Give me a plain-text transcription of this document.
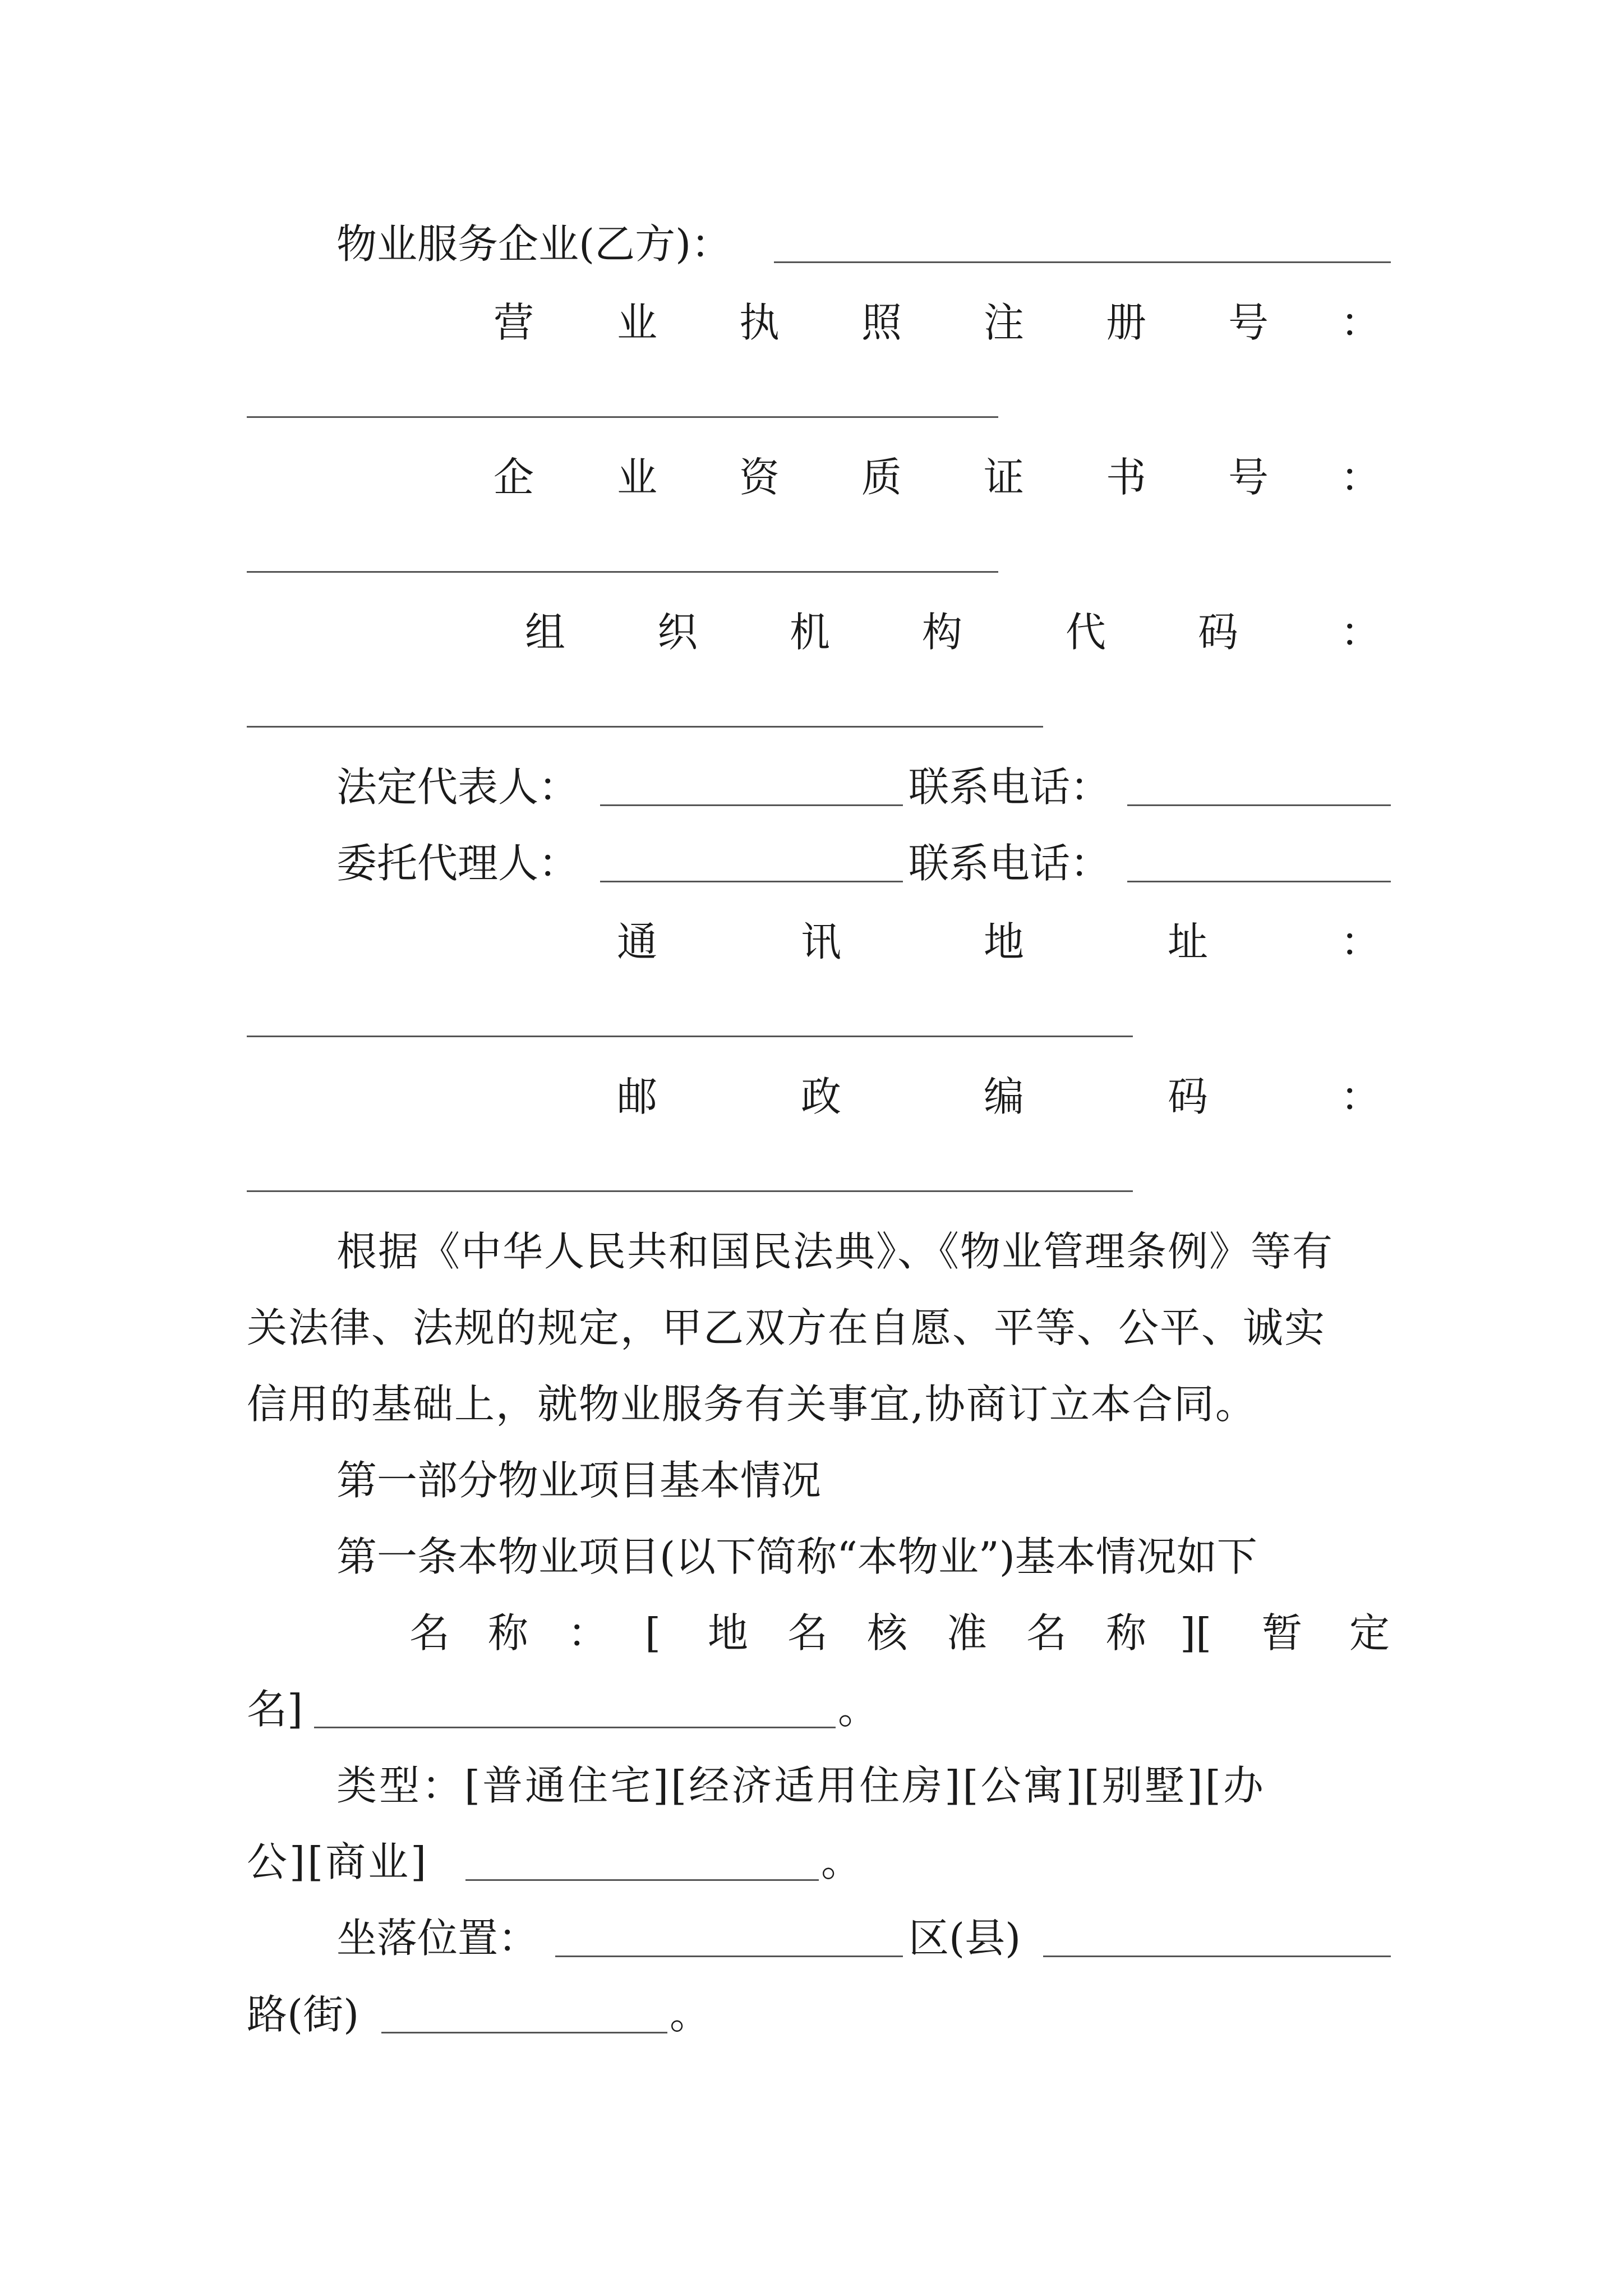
物业服务企业(乙方)：
营 业 执 照 注 册 号 ：
企 业 资 质 证 书 号 ：
组 织 机 构	代 码	：
法定代表人：	联系电话：
委托代理人：	联系电话：
通	讯	地	址	：
邮	政	编	码	：
根据《中华人民共和国民法典》、《物业管理条例》等有
关法律、法规的规定，甲乙双方在自愿、平等、公平、诚实
信用的基础上，就物业服务有关事宜,协商订立本合同。
第一部分物业项目基本情况
第一条本物业项目(以下简称“本物业”)基本情况如下
名 称 ： [ 地 名 核 准 名 称 ][ 暂 定
名]	。
类型：[普通住宅][经济适用住房][公寓][别墅][办
公][商业]	。
坐落位置：	区(县)
路(街)	。
